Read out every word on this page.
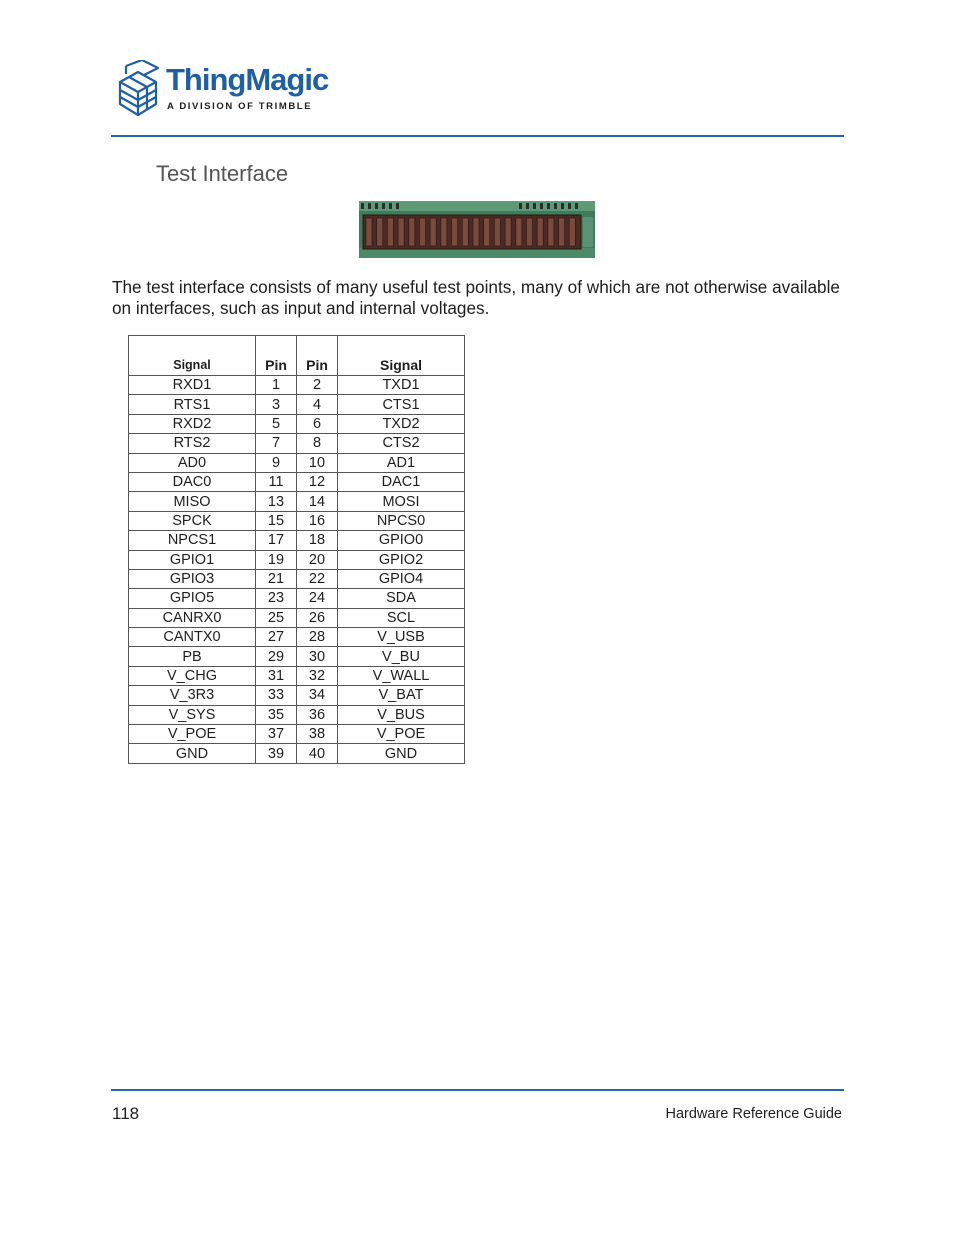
ThingMagic
A DIVISION OF TRIMBLE
Test Interface

The test interface consists of many useful test points, many of which are not otherwise available on interfaces, such as input and internal voltages.

Signal	Pin	Pin	Signal
RXD1	1	2	TXD1
RTS1	3	4	CTS1
RXD2	5	6	TXD2
RTS2	7	8	CTS2
AD0	9	10	AD1
DAC0	11	12	DAC1
MISO	13	14	MOSI
SPCK	15	16	NPCS0
NPCS1	17	18	GPIO0
GPIO1	19	20	GPIO2
GPIO3	21	22	GPIO4
GPIO5	23	24	SDA
CANRX0	25	26	SCL
CANTX0	27	28	V_USB
PB	29	30	V_BU
V_CHG	31	32	V_WALL
V_3R3	33	34	V_BAT
V_SYS	35	36	V_BUS
V_POE	37	38	V_POE
GND	39	40	GND
118	Hardware Reference Guide
